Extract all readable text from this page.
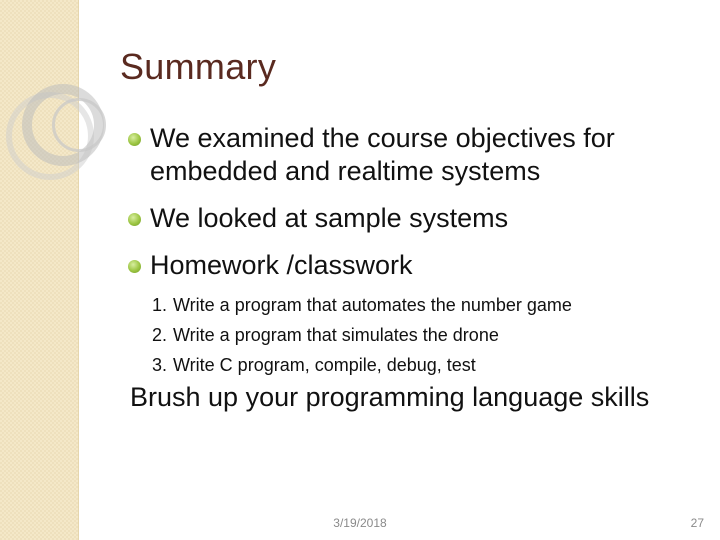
Summary
We examined the course objectives for
embedded and realtime systems
We looked at sample systems
Homework /classwork
1. Write a program that automates the number game
2. Write a program that simulates the drone
3. Write C program, compile, debug, test
Brush up your programming language skills
3/19/2018	27
